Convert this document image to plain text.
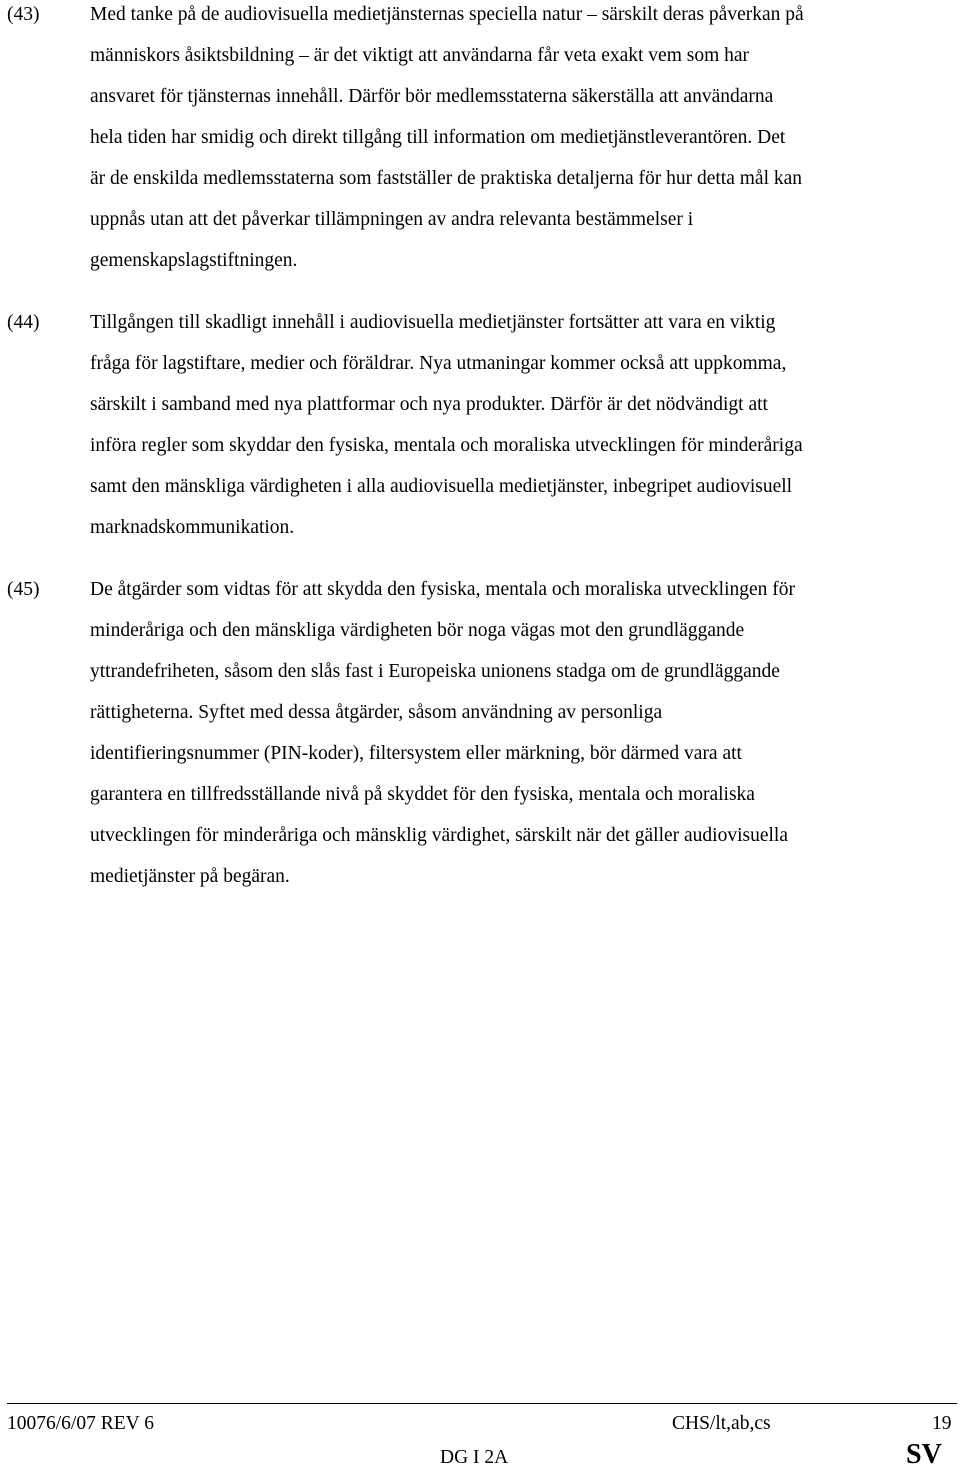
(43)	Med tanke på de audiovisuella medietjänsternas speciella natur – särskilt deras påverkan på
människors åsiktsbildning – är det viktigt att användarna får veta exakt vem som har
ansvaret för tjänsternas innehåll. Därför bör medlemsstaterna säkerställa att användarna
hela tiden har smidig och direkt tillgång till information om medietjänstleverantören. Det
är de enskilda medlemsstaterna som fastställer de praktiska detaljerna för hur detta mål kan
uppnås utan att det påverkar tillämpningen av andra relevanta bestämmelser i
gemenskapslagstiftningen.
(44)	Tillgången till skadligt innehåll i audiovisuella medietjänster fortsätter att vara en viktig
fråga för lagstiftare, medier och föräldrar. Nya utmaningar kommer också att uppkomma,
särskilt i samband med nya plattformar och nya produkter. Därför är det nödvändigt att
införa regler som skyddar den fysiska, mentala och moraliska utvecklingen för minderåriga
samt den mänskliga värdigheten i alla audiovisuella medietjänster, inbegripet audiovisuell
marknadskommunikation.
(45)	De åtgärder som vidtas för att skydda den fysiska, mentala och moraliska utvecklingen för
minderåriga och den mänskliga värdigheten bör noga vägas mot den grundläggande
yttrandefriheten, såsom den slås fast i Europeiska unionens stadga om de grundläggande
rättigheterna. Syftet med dessa åtgärder, såsom användning av personliga
identifieringsnummer (PIN-koder), filtersystem eller märkning, bör därmed vara att
garantera en tillfredsställande nivå på skyddet för den fysiska, mentala och moraliska
utvecklingen för minderåriga och mänsklig värdighet, särskilt när det gäller audiovisuella
medietjänster på begäran.
10076/6/07 REV 6	CHS/lt,ab,cs	19
DG I 2A	SV
